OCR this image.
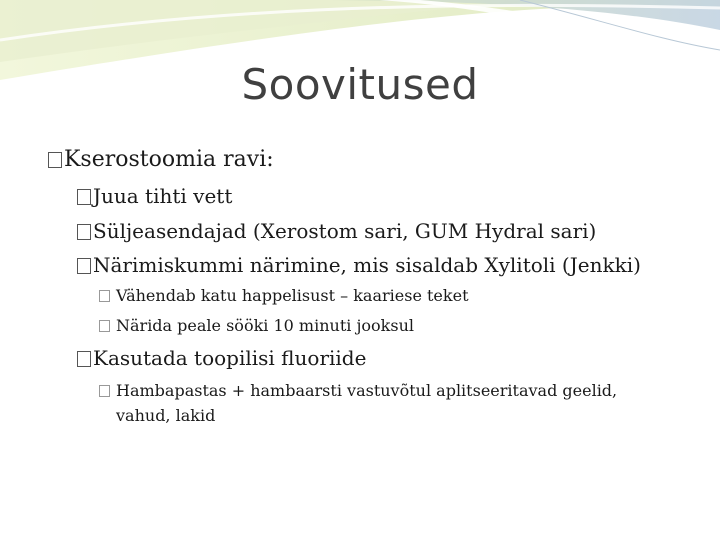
Soovitused
Kserostoomia ravi:
Juua tihti vett
Süljeasendajad (Xerostom sari, GUM Hydral sari)
Närimiskummi närimine, mis sisaldab Xylitoli (Jenkki)
Vähendab katu happelisust – kaariese teket
Närida peale sööki 10 minuti jooksul
Kasutada toopilisi fluoriide
Hambapastas + hambaarsti vastuvõtul aplitseeritavad geelid,
vahud, lakid
